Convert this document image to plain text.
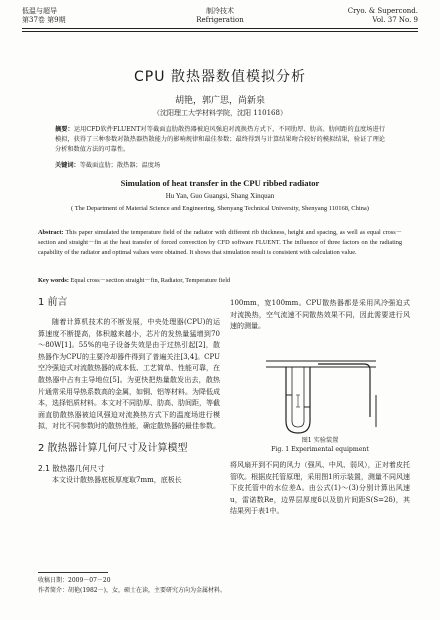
低温与超导
第37卷 第9期
制冷技术
Refrigeration
Cryo. & Supercond.
Vol. 37 No. 9
CPU 散热器数值模拟分析
胡艳，郭广思，尚新泉
（沈阳理工大学材料学院，沈阳 110168）
摘要：运用CFD软件FLUENT对等截面直肋散热器被迫风强迫对流换热方式下，不同肋厚、肋高、肋间距的直度场进行模拟，获得了三种参数对散热器热散能力的影响规律和最佳参数；最终得到与计算结果吻合较好的模拟结果，验证了理论分析和数值方法的可靠性。
关键词：等截面直肋；散热器；温度场
Simulation of heat transfer in the CPU ribbed radiator
Hu Yan, Guo Guangsi, Shang Xinquan
( The Department of Material Science and Engineering, Shenyang Technical University, Shenyang 110168, China)
Abstract: This paper simulated the temperature field of the radiator with different rib thickness, height and spacing, as well as equal cross－section and straight－fin at the heat transfer of forced convection by CFD software FLUENT. The influence of three factors on the radiating capability of the radiator and optimal values were obtained. It shows that simulation result is consistent with calculation value.
Key words: Equal cross－section straight－fin, Radiator, Temperature field
1 前言
随着计算机技术的不断发展，中央处理器(CPU)的运算速度不断提高，体积越来越小，芯片的发热量猛增到70～80W[1]。55%的电子设备失效是由于过热引起[2]，散热器作为CPU的主要冷却器件得到了普遍关注[3,4]。CPU空冷强迫式对流散热器的成本低、工艺简单、性能可靠，在散热器中占有主导地位[5]。为更快把热量散发出去，散热片通常采用导热系数高的金属，如铜、铝等材料。为降低成本，选择铝质材料。本文对不同肋厚、肋高、肋间距，等截面直肋散热器被迫风强迫对流换热方式下的温度场进行模拟，对比不同参数时的散热性能，确定散热器的最佳参数。
2 散热器计算几何尺寸及计算模型
2.1 散热器几何尺寸
本文设计散热器底板厚度取7mm，底板长
100mm，宽100mm。CPU散热器都是采用风冷强迫式对流换热，空气流速不同散热效果不同，因此需要进行风速的测量。
图1 实验装置
Fig. 1 Experimental equipment
将风扇开到不同的风力（强风、中风、弱风），正对着皮托管吹。根据皮托管原理，采用图1所示装置，测量不同风速下皮托管中的水位差Δ。由公式(1)～(3)分别计算出风速u，雷诺数Re，边界层厚度δ以及肋片间距S(S=2δ)，其结果列于表1中。
收稿日期：2009－07－20
作者简介：胡艳(1982－)，女，硕士在读，主要研究方向为金属材料。
